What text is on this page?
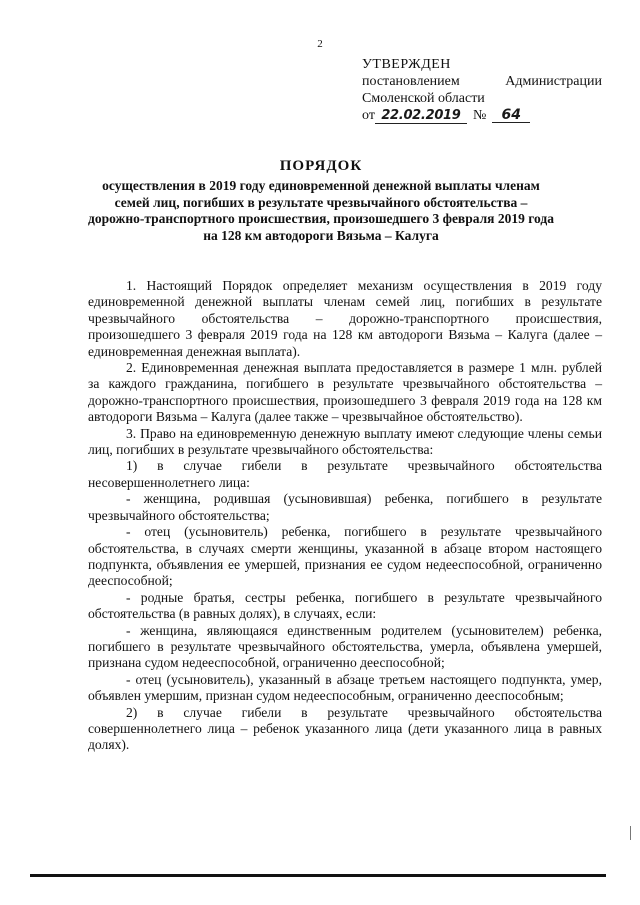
2
УТВЕРЖДЕН
постановлением	Администрации
Смоленской области
от 22.02.2019 №	64
ПОРЯДОК
осуществления в 2019 году единовременной денежной выплаты членам семей лиц, погибших в результате чрезвычайного обстоятельства – дорожно-транспортного происшествия, произошедшего 3 февраля 2019 года на 128 км автодороги Вязьма – Калуга

1. Настоящий Порядок определяет механизм осуществления в 2019 году единовременной денежной выплаты членам семей лиц, погибших в результате чрезвычайного обстоятельства – дорожно-транспортного происшествия, произошедшего 3 февраля 2019 года на 128 км автодороги Вязьма – Калуга (далее – единовременная денежная выплата).

2. Единовременная денежная выплата предоставляется в размере 1 млн. рублей за каждого гражданина, погибшего в результате чрезвычайного обстоятельства – дорожно-транспортного происшествия, произошедшего 3 февраля 2019 года на 128 км автодороги Вязьма – Калуга (далее также – чрезвычайное обстоятельство).

3. Право на единовременную денежную выплату имеют следующие члены семьи лиц, погибших в результате чрезвычайного обстоятельства:

1) в случае гибели в результате чрезвычайного обстоятельства несовершеннолетнего лица:

- женщина, родившая (усыновившая) ребенка, погибшего в результате чрезвычайного обстоятельства;

- отец (усыновитель) ребенка, погибшего в результате чрезвычайного обстоятельства, в случаях смерти женщины, указанной в абзаце втором настоящего подпункта, объявления ее умершей, признания ее судом недееспособной, ограниченно дееспособной;

- родные братья, сестры ребенка, погибшего в результате чрезвычайного обстоятельства (в равных долях), в случаях, если:

- женщина, являющаяся единственным родителем (усыновителем) ребенка, погибшего в результате чрезвычайного обстоятельства, умерла, объявлена умершей, признана судом недееспособной, ограниченно дееспособной;

- отец (усыновитель), указанный в абзаце третьем настоящего подпункта, умер, объявлен умершим, признан судом недееспособным, ограниченно дееспособным;

2) в случае гибели в результате чрезвычайного обстоятельства совершеннолетнего лица – ребенок указанного лица (дети указанного лица в равных долях).
